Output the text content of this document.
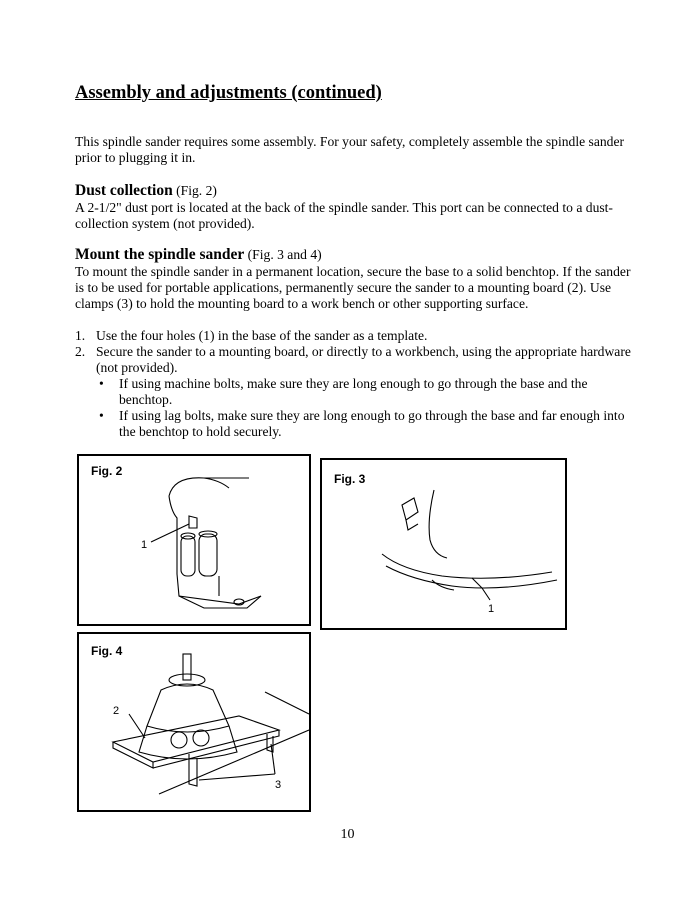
Assembly and adjustments (continued)

This spindle sander requires some assembly. For your safety, completely assemble the spindle sander prior to plugging it in.

Dust collection (Fig. 2)

A 2-1/2" dust port is located at the back of the spindle sander. This port can be connected to a dust-collection system (not provided).

Mount the spindle sander (Fig. 3 and 4)

To mount the spindle sander in a permanent location, secure the base to a solid benchtop. If the sander is to be used for portable applications, permanently secure the sander to a mounting board (2). Use clamps (3) to hold the mounting board to a work bench or other supporting surface.

1. Use the four holes (1) in the base of the sander as a template.
2. Secure the sander to a mounting board, or directly to a workbench, using the appropriate hardware (not provided).
• If using machine bolts, make sure they are long enough to go through the base and the benchtop.
• If using lag bolts, make sure they are long enough to go through the base and far enough into the benchtop to hold securely.
1
Fig. 2
1
Fig. 3
2
3
Fig. 4
10
